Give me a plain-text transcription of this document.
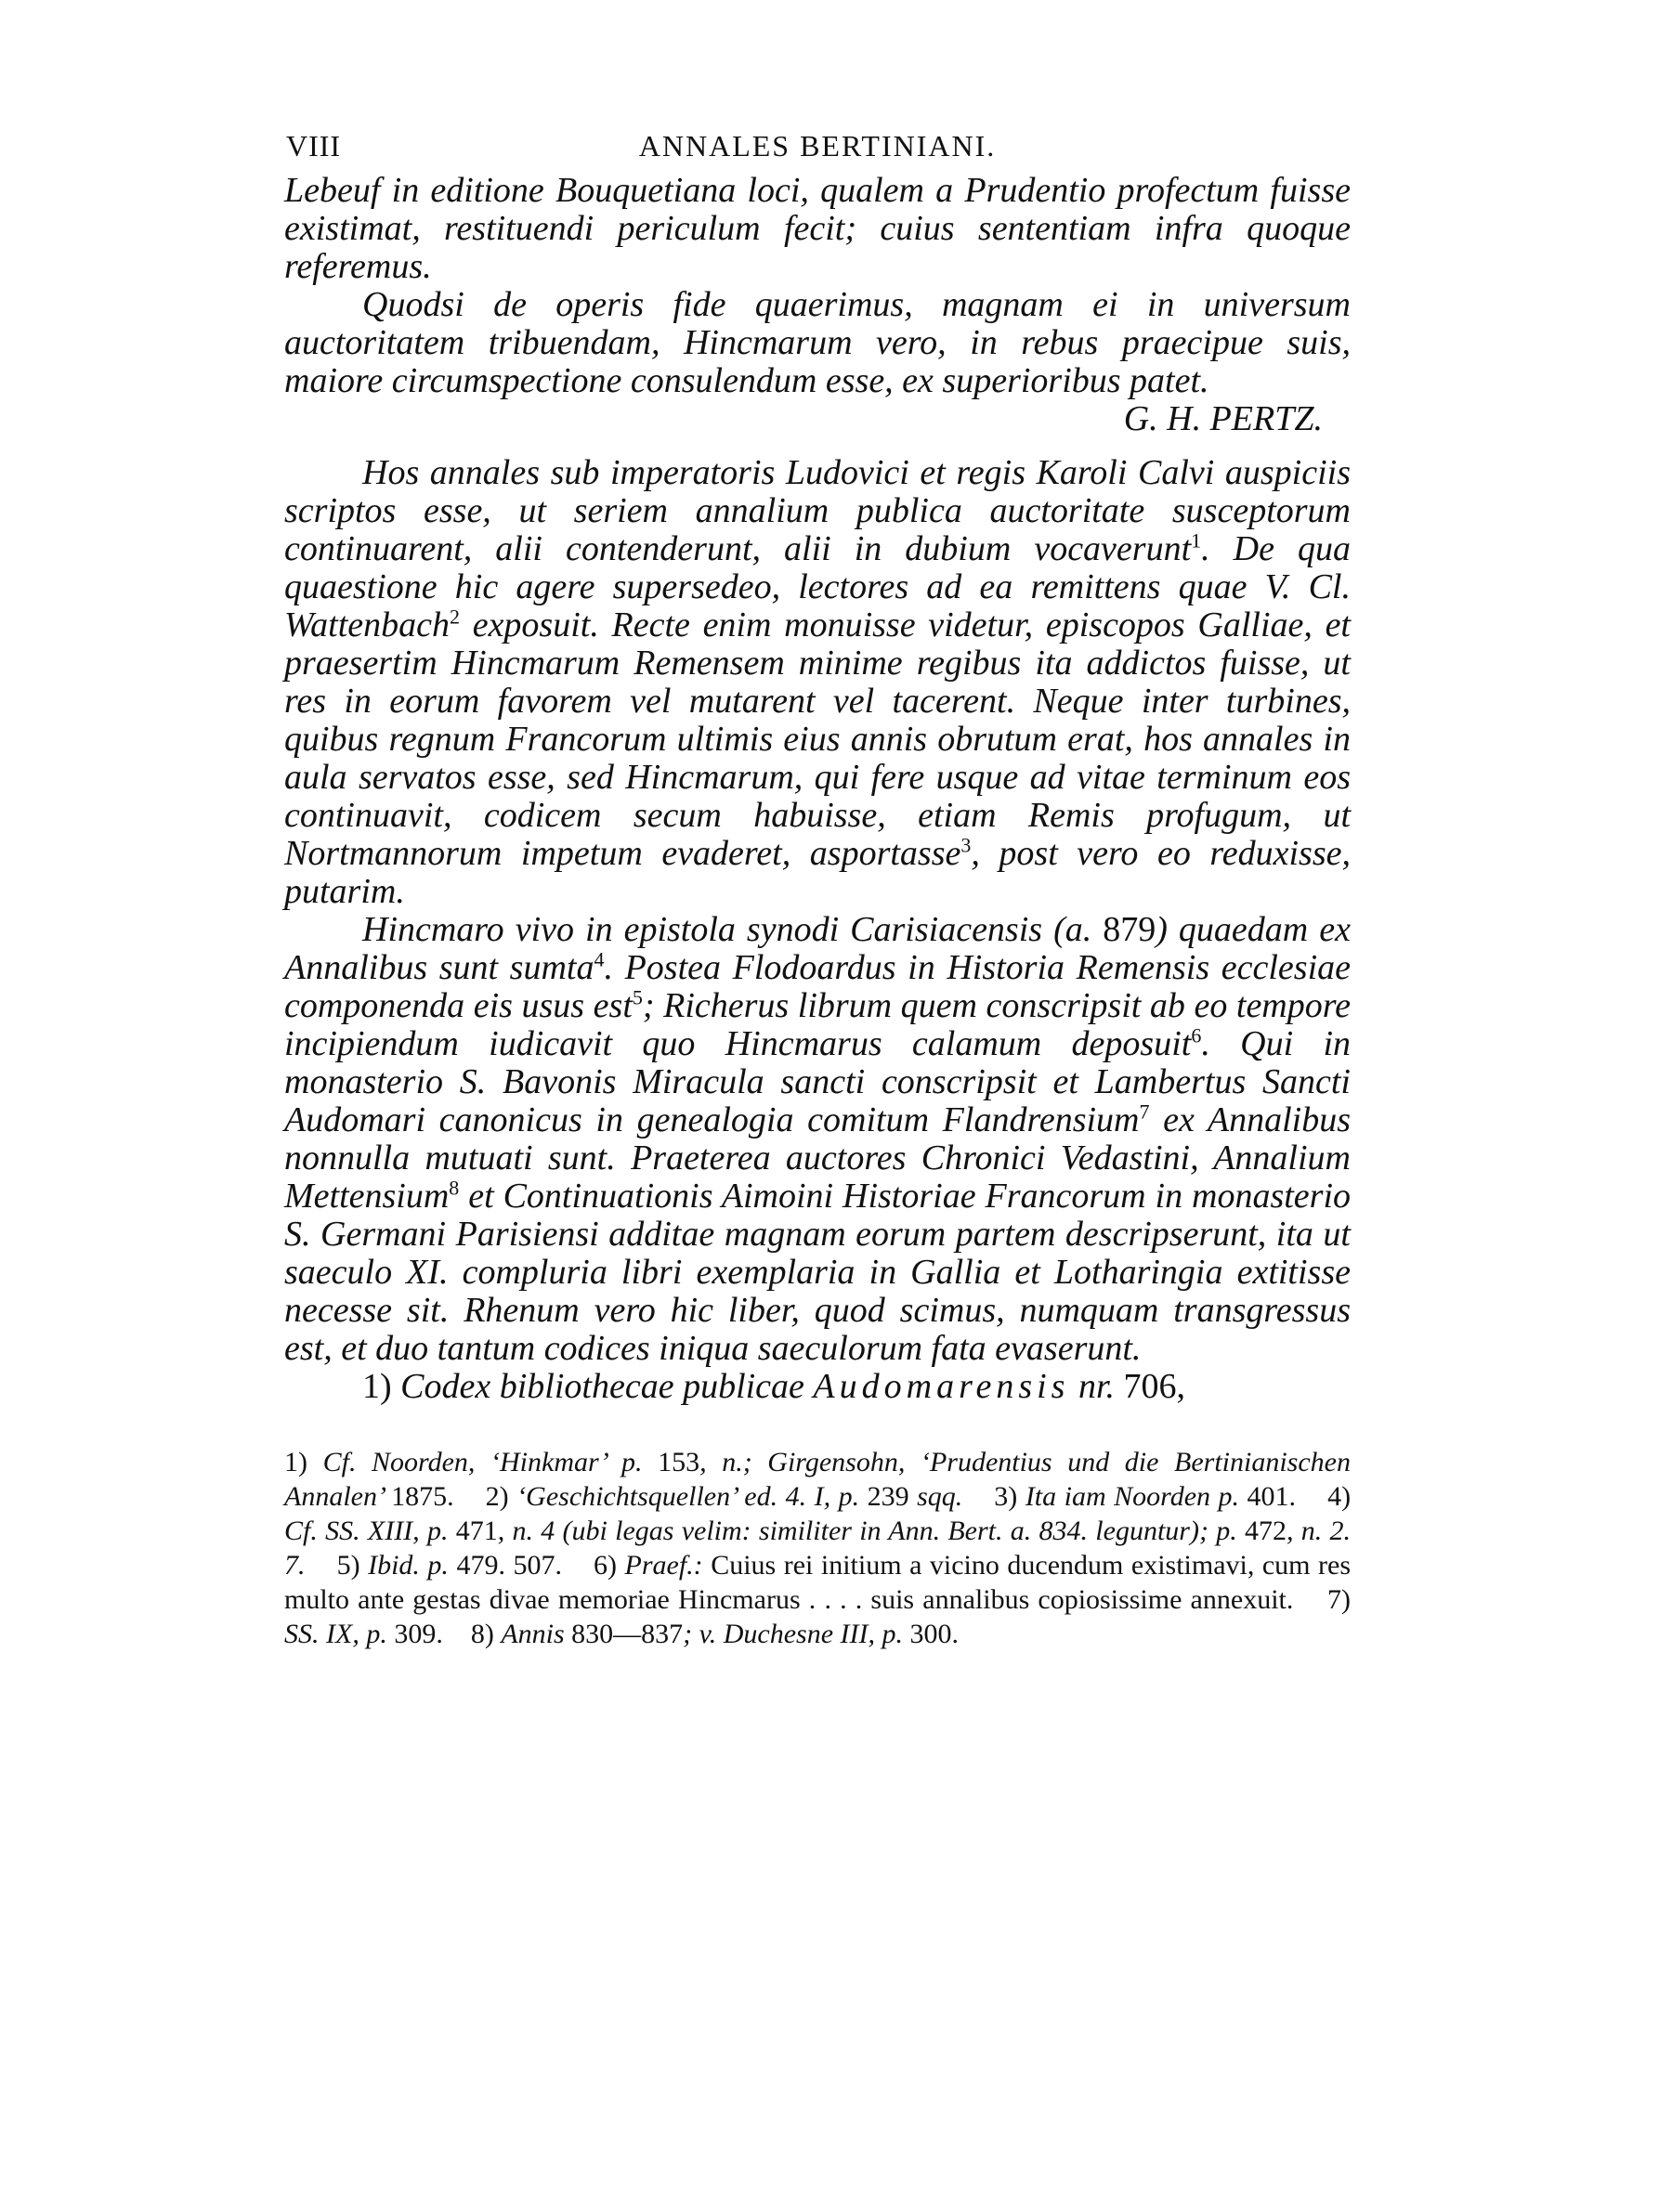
VIII	ANNALES BERTINIANI.

Lebeuf in editione Bouquetiana loci, qualem a Prudentio profectum fuisse existimat, restituendi periculum fecit; cuius sententiam infra quoque referemus.

Quodsi de operis fide quaerimus, magnam ei in universum auctoritatem tribuendam, Hincmarum vero, in rebus praecipue suis, maiore circumspectione consulendum esse, ex superioribus patet.
G. H. PERTZ.

Hos annales sub imperatoris Ludovici et regis Karoli Calvi auspiciis scriptos esse, ut seriem annalium publica auctoritate susceptorum continuarent, alii contenderunt, alii in dubium vocaverunt$^1$. De qua quaestione hic agere supersedeo, lectores ad ea remittens quae V. Cl. Wattenbach$^2$ exposuit. Recte enim monuisse videtur, episcopos Galliae, et praesertim Hincmarum Remensem minime regibus ita addictos fuisse, ut res in eorum favorem vel mutarent vel tacerent. Neque inter turbines, quibus regnum Francorum ultimis eius annis obrutum erat, hos annales in aula servatos esse, sed Hincmarum, qui fere usque ad vitae terminum eos continuavit, codicem secum habuisse, etiam Remis profugum, ut Nortmannorum impetum evaderet, asportasse$^3$, post vero eo reduxisse, putarim.

Hincmaro vivo in epistola synodi Carisiacensis (a. 879) quaedam ex Annalibus sunt sumta$^4$. Postea Flodoardus in Historia Remensis ecclesiae componenda eis usus est$^5$; Richerus librum quem conscripsit ab eo tempore incipiendum iudicavit quo Hincmarus calamum deposuit$^6$. Qui in monasterio S. Bavonis Miracula sancti conscripsit et Lambertus Sancti Audomari canonicus in genealogia comitum Flandrensium$^7$ ex Annalibus nonnulla mutuati sunt. Praeterea auctores Chronici Vedastini, Annalium Mettensium$^8$ et Continuationis Aimoini Historiae Francorum in monasterio S. Germani Parisiensi additae magnam eorum partem descripserunt, ita ut saeculo XI. compluria libri exemplaria in Gallia et Lotharingia extitisse necesse sit. Rhenum vero hic liber, quod scimus, numquam transgressus est, et duo tantum codices iniqua saeculorum fata evaserunt.

1) Codex bibliothecae publicae Audomarensis nr. 706,

1) Cf. Noorden, ‘Hinkmar’ p. 153, n.; Girgensohn, ‘Prudentius und die Bertinianischen Annalen’ 1875. 2) ‘Geschichtsquellen’ ed. 4. I, p. 239 sqq. 3) Ita iam Noorden p. 401. 4) Cf. SS. XIII, p. 471, n. 4 (ubi legas velim: similiter in Ann. Bert. a. 834. leguntur); p. 472, n. 2. 7. 5) Ibid. p. 479. 507. 6) Praef.: Cuius rei initium a vicino ducendum existimavi, cum res multo ante gestas divae memoriae Hincmarus . . . . suis annalibus copiosissime annexuit. 7) SS. IX, p. 309. 8) Annis 830—837; v. Duchesne III, p. 300.
